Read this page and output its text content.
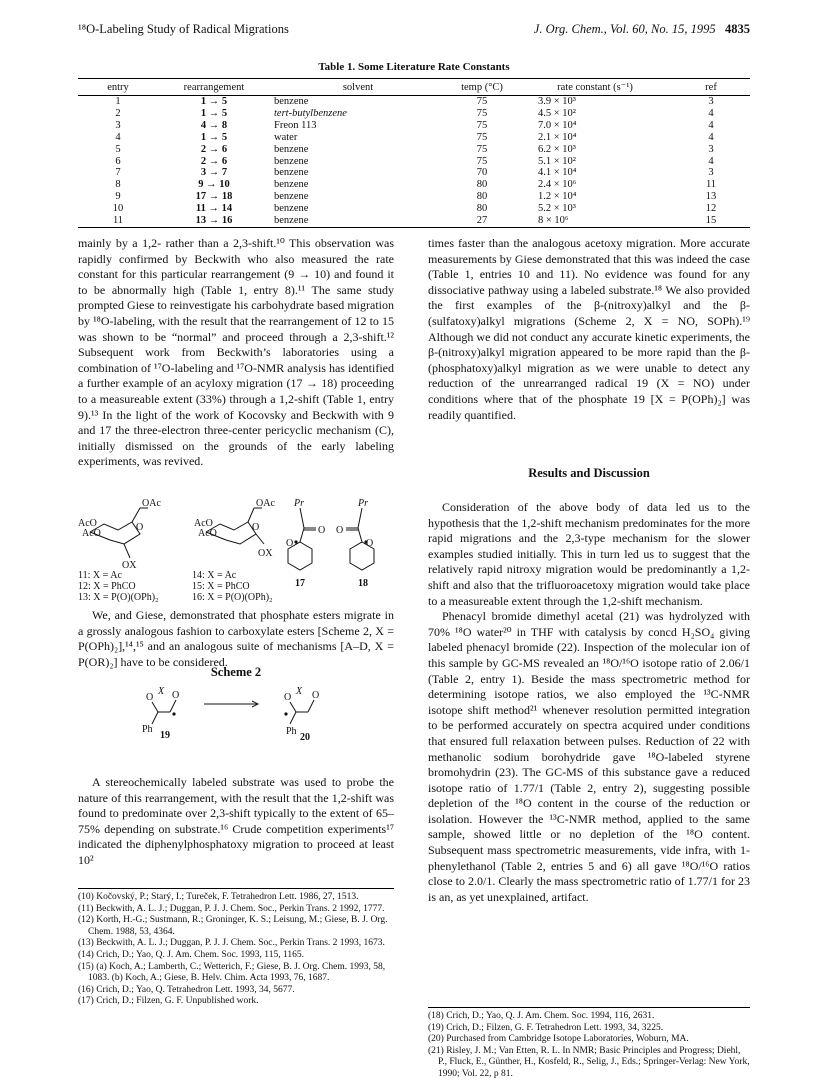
¹⁸O-Labeling Study of Radical Migrations	J. Org. Chem., Vol. 60, No. 15, 1995 4835
Table 1. Some Literature Rate Constants
entry	rearrangement	solvent	temp (°C)	rate constant (s⁻¹)	ref
1	1 → 5	benzene	75	3.9 × 10³	3
2	1 → 5	tert-butylbenzene	75	4.5 × 10²	4
3	4 → 8	Freon 113	75	7.0 × 10⁴	4
4	1 → 5	water	75	2.1 × 10⁴	4
5	2 → 6	benzene	75	6.2 × 10³	3
6	2 → 6	benzene	75	5.1 × 10²	4
7	3 → 7	benzene	70	4.1 × 10⁴	3
8	9 → 10	benzene	80	2.4 × 10⁶	11
9	17 → 18	benzene	80	1.2 × 10⁴	13
10	11 → 14	benzene	80	5.2 × 10³	12
11	13 → 16	benzene	27	8 × 10⁶	15

mainly by a 1,2- rather than a 2,3-shift.¹⁰ This observation was rapidly confirmed by Beckwith who also measured the rate constant for this particular rearrangement (9 → 10) and found it to be abnormally high (Table 1, entry 8).¹¹ The same study prompted Giese to reinvestigate his carbohydrate based migration by ¹⁸O-labeling, with the result that the rearrangement of 12 to 15 was shown to be “normal” and proceed through a 2,3-shift.¹² Subsequent work from Beckwith’s laboratories using a combination of ¹⁷O-labeling and ¹⁷O-NMR analysis has identified a further example of an acyloxy migration (17 → 18) proceeding to a measureable extent (33%) through a 1,2-shift (Table 1, entry 9).¹³ In the light of the work of Kocovsky and Beckwith with 9 and 17 the three-electron three-center pericyclic mechanism (C), initially dismissed on the grounds of the early labeling experiments, was revived.

OAc
AcO
AcO
O
OX
OAc
AcO
AcO
O
OX
Pr
O
O
Pr
O
O
11: X = Ac
12: X = PhCO
13: X = P(O)(OPh)₂
14: X = Ac
15: X = PhCO
16: X = P(O)(OPh)₂
17	18

We, and Giese, demonstrated that phosphate esters migrate in a grossly analogous fashion to carboxylate esters [Scheme 2, X = P(OPh)₂],¹⁴,¹⁵ and an analogous suite of mechanisms [A–D, X = P(OR)₂] have to be considered.

Scheme 2
O
X O
Ph
19
O
X O
Ph
20

A stereochemically labeled substrate was used to probe the nature of this rearrangement, with the result that the 1,2-shift was found to predominate over 2,3-shift typically to the extent of 65–75% depending on substrate.¹⁶ Crude competition experiments¹⁷ indicated the diphenylphosphatoxy migration to proceed at least 10²

(10) Kočovský, P.; Starý, I.; Tureček, F. Tetrahedron Lett. 1986, 27, 1513.
(11) Beckwith, A. L. J.; Duggan, P. J. J. Chem. Soc., Perkin Trans. 2 1992, 1777.
(12) Korth, H.-G.; Sustmann, R.; Groninger, K. S.; Leisung, M.; Giese, B. J. Org. Chem. 1988, 53, 4364.
(13) Beckwith, A. L. J.; Duggan, P. J. J. Chem. Soc., Perkin Trans. 2 1993, 1673.
(14) Crich, D.; Yao, Q. J. Am. Chem. Soc. 1993, 115, 1165.
(15) (a) Koch, A.; Lamberth, C.; Wetterich, F.; Giese, B. J. Org. Chem. 1993, 58, 1083. (b) Koch, A.; Giese, B. Helv. Chim. Acta 1993, 76, 1687.
(16) Crich, D.; Yao, Q. Tetrahedron Lett. 1993, 34, 5677.
(17) Crich, D.; Filzen, G. F. Unpublished work.

times faster than the analogous acetoxy migration. More accurate measurements by Giese demonstrated that this was indeed the case (Table 1, entries 10 and 11). No evidence was found for any dissociative pathway using a labeled substrate.¹⁸ We also provided the first examples of the β-(nitroxy)alkyl and the β-(sulfatoxy)alkyl migrations (Scheme 2, X = NO, SOPh).¹⁹ Although we did not conduct any accurate kinetic experiments, the β-(nitroxy)alkyl migration appeared to be more rapid than the β-(phosphatoxy)alkyl migration as we were unable to detect any reduction of the unrearranged radical 19 (X = NO) under conditions where that of the phosphate 19 [X = P(OPh)₂] was readily quantified.

Results and Discussion

Consideration of the above body of data led us to the hypothesis that the 1,2-shift mechanism predominates for the more rapid migrations and the 2,3-type mechanism for the slower examples studied initially. This in turn led us to suggest that the relatively rapid nitroxy migration would be predominantly a 1,2-shift and also that the trifluoroacetoxy migration would take place to a measureable extent through the 1,2-shift mechanism.

Phenacyl bromide dimethyl acetal (21) was hydrolyzed with 70% ¹⁸O water²⁰ in THF with catalysis by concd H₂SO₄ giving labeled phenacyl bromide (22). Inspection of the molecular ion of this sample by GC-MS revealed an ¹⁸O/¹⁶O isotope ratio of 2.06/1 (Table 2, entry 1). Beside the mass spectrometric method for determining isotope ratios, we also employed the ¹³C-NMR isotope shift method²¹ whenever resolution permitted integration to be performed accurately on spectra acquired under conditions that ensured full relaxation between pulses. Reduction of 22 with methanolic sodium borohydride gave ¹⁸O-labeled styrene bromohydrin (23). The GC-MS of this substance gave a reduced isotope ratio of 1.77/1 (Table 2, entry 2), suggesting possible depletion of the ¹⁸O content in the course of the reduction or isolation. However the ¹³C-NMR method, applied to the same sample, showed little or no depletion of the ¹⁸O content. Subsequent mass spectrometric measurements, vide infra, with 1-phenylethanol (Table 2, entries 5 and 6) all gave ¹⁸O/¹⁶O ratios close to 2.0/1. Clearly the mass spectrometric ratio of 1.77/1 for 23 is an, as yet unexplained, artifact.

(18) Crich, D.; Yao, Q. J. Am. Chem. Soc. 1994, 116, 2631.
(19) Crich, D.; Filzen, G. F. Tetrahedron Lett. 1993, 34, 3225.
(20) Purchased from Cambridge Isotope Laboratories, Woburn, MA.
(21) Risley, J. M.; Van Etten, R. L. In NMR; Basic Principles and Progress; Diehl, P., Fluck, E., Günther, H., Kosfeld, R., Selig, J., Eds.; Springer-Verlag: New York, 1990; Vol. 22, p 81.
